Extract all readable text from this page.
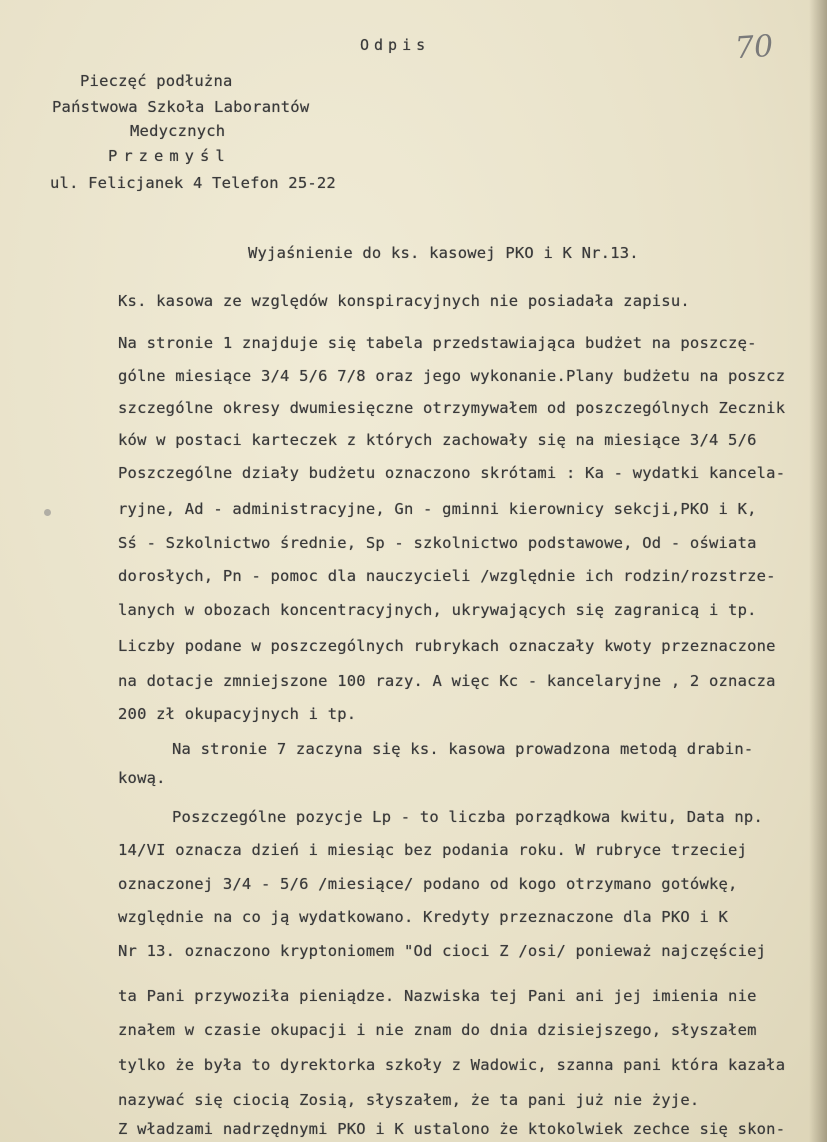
70
Odpis
Pieczęć podłużna
Państwowa Szkoła Laborantów
Medycznych
Przemyśl
ul. Felicjanek 4 Telefon 25-22
Wyjaśnienie do ks. kasowej PKO i K Nr.13.
Ks. kasowa ze względów konspiracyjnych nie posiadała zapisu.
Na stronie 1 znajduje się tabela przedstawiająca budżet na poszczę-
gólne miesiące 3/4 5/6 7/8 oraz jego wykonanie.Plany budżetu na poszcz
szczególne okresy dwumiesięczne otrzymywałem od poszczególnych Zecznik
ków w postaci karteczek z których zachowały się na miesiące 3/4 5/6
Poszczególne działy budżetu oznaczono skrótami : Ka - wydatki kancela-
ryjne, Ad - administracyjne, Gn - gminni kierownicy sekcji,PKO i K,
Sś - Szkolnictwo średnie, Sp - szkolnictwo podstawowe, Od - oświata
dorosłych, Pn - pomoc dla nauczycieli /względnie ich rodzin/rozstrze-
lanych w obozach koncentracyjnych, ukrywających się zagranicą i tp.
Liczby podane w poszczególnych rubrykach oznaczały kwoty przeznaczone
na dotacje zmniejszone 100 razy. A więc Kc - kancelaryjne , 2 oznacza
200 zł okupacyjnych i tp.
Na stronie 7 zaczyna się ks. kasowa prowadzona metodą drabin-
kową.
Poszczególne pozycje Lp - to liczba porządkowa kwitu, Data np.
14/VI oznacza dzień i miesiąc bez podania roku. W rubryce trzeciej
oznaczonej 3/4 - 5/6 /miesiące/ podano od kogo otrzymano gotówkę,
względnie na co ją wydatkowano. Kredyty przeznaczone dla PKO i K
Nr 13. oznaczono kryptoniomem "Od cioci Z /osi/ ponieważ najczęściej
ta Pani przywoziła pieniądze. Nazwiska tej Pani ani jej imienia nie
znałem w czasie okupacji i nie znam do dnia dzisiejszego, słyszałem
tylko że była to dyrektorka szkoły z Wadowic, szanna pani która kazała
nazywać się ciocią Zosią, słyszałem, że ta pani już nie żyje.
Z władzami nadrzędnymi PKO i K ustalono że ktokolwiek zechce się skon-
